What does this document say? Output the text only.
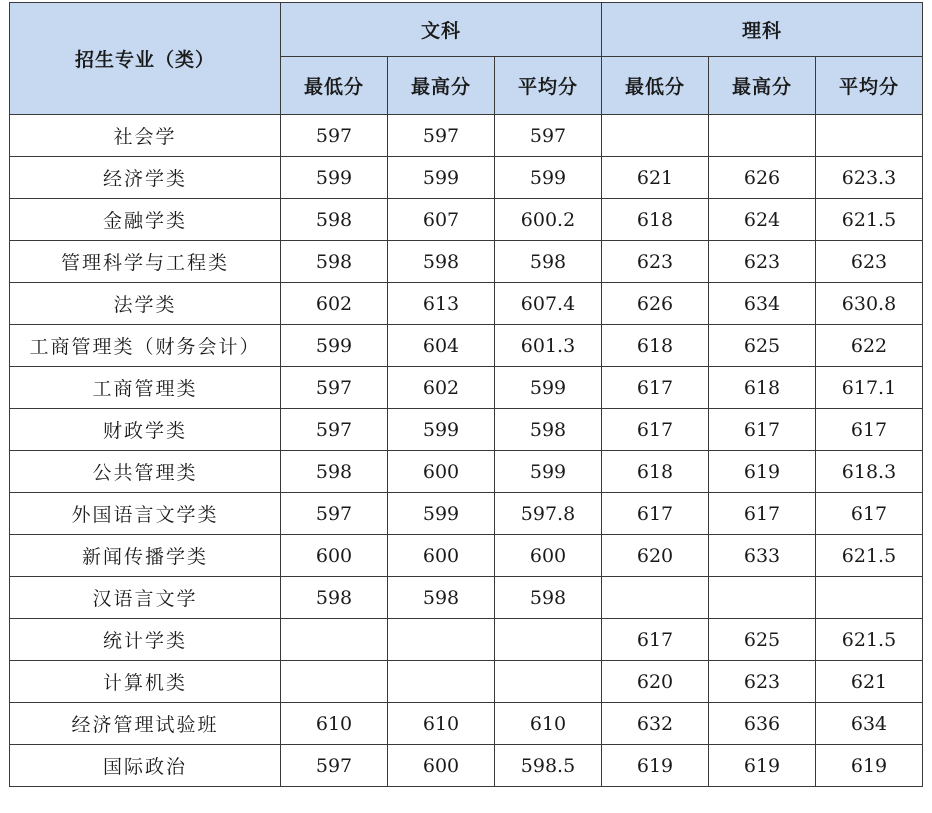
招生专业（类）	文科			理科		
	最低分	最高分	平均分	最低分	最高分	平均分
社会学	597	597	597			
经济学类	599	599	599	621	626	623.3
金融学类	598	607	600.2	618	624	621.5
管理科学与工程类	598	598	598	623	623	623
法学类	602	613	607.4	626	634	630.8
工商管理类（财务会计）	599	604	601.3	618	625	622
工商管理类	597	602	599	617	618	617.1
财政学类	597	599	598	617	617	617
公共管理类	598	600	599	618	619	618.3
外国语言文学类	597	599	597.8	617	617	617
新闻传播学类	600	600	600	620	633	621.5
汉语言文学	598	598	598			
统计学类				617	625	621.5
计算机类				620	623	621
经济管理试验班	610	610	610	632	636	634
国际政治	597	600	598.5	619	619	619
